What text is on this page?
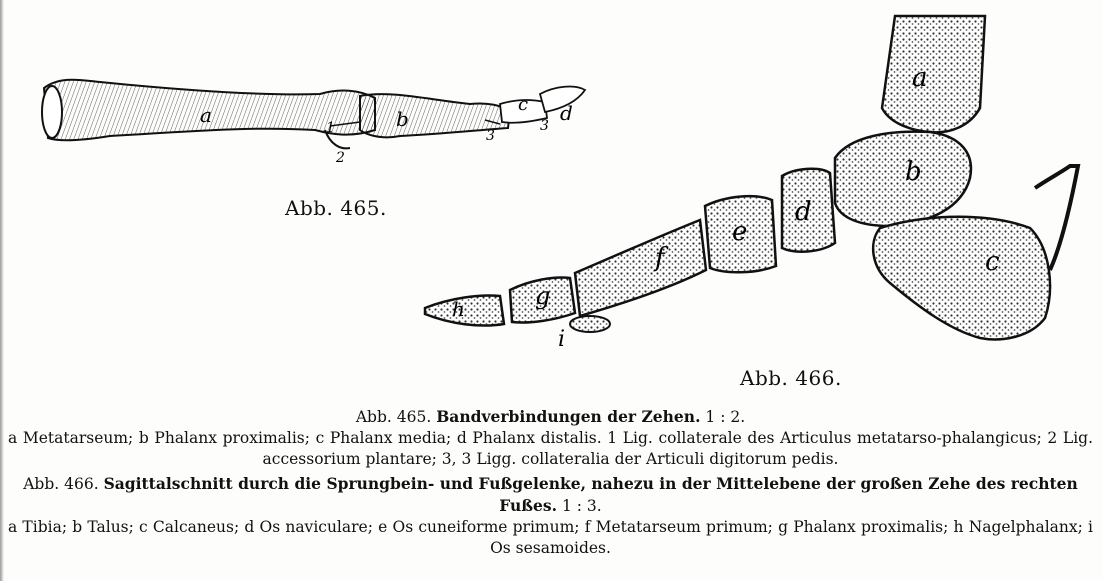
a	b
c d
1
2
3
3
Abb. 465.
a
b
c
d
e
f
g
h
i
Abb. 466.
Abb. 465. Bandverbindungen der Zehen. 1 : 2.
a Metatarseum; b Phalanx proximalis; c Phalanx media; d Phalanx distalis. 1 Lig. collaterale des Articulus metatarso-phalangicus; 2 Lig. accessorium plantare; 3, 3 Ligg. collateralia der Articuli digitorum pedis.
Abb. 466. Sagittalschnitt durch die Sprungbein- und Fußgelenke, nahezu in der Mittelebene der großen Zehe des rechten Fußes. 1 : 3.
a Tibia; b Talus; c Calcaneus; d Os naviculare; e Os cuneiforme primum; f Metatarseum primum; g Phalanx proximalis; h Nagelphalanx; i Os sesamoides.
